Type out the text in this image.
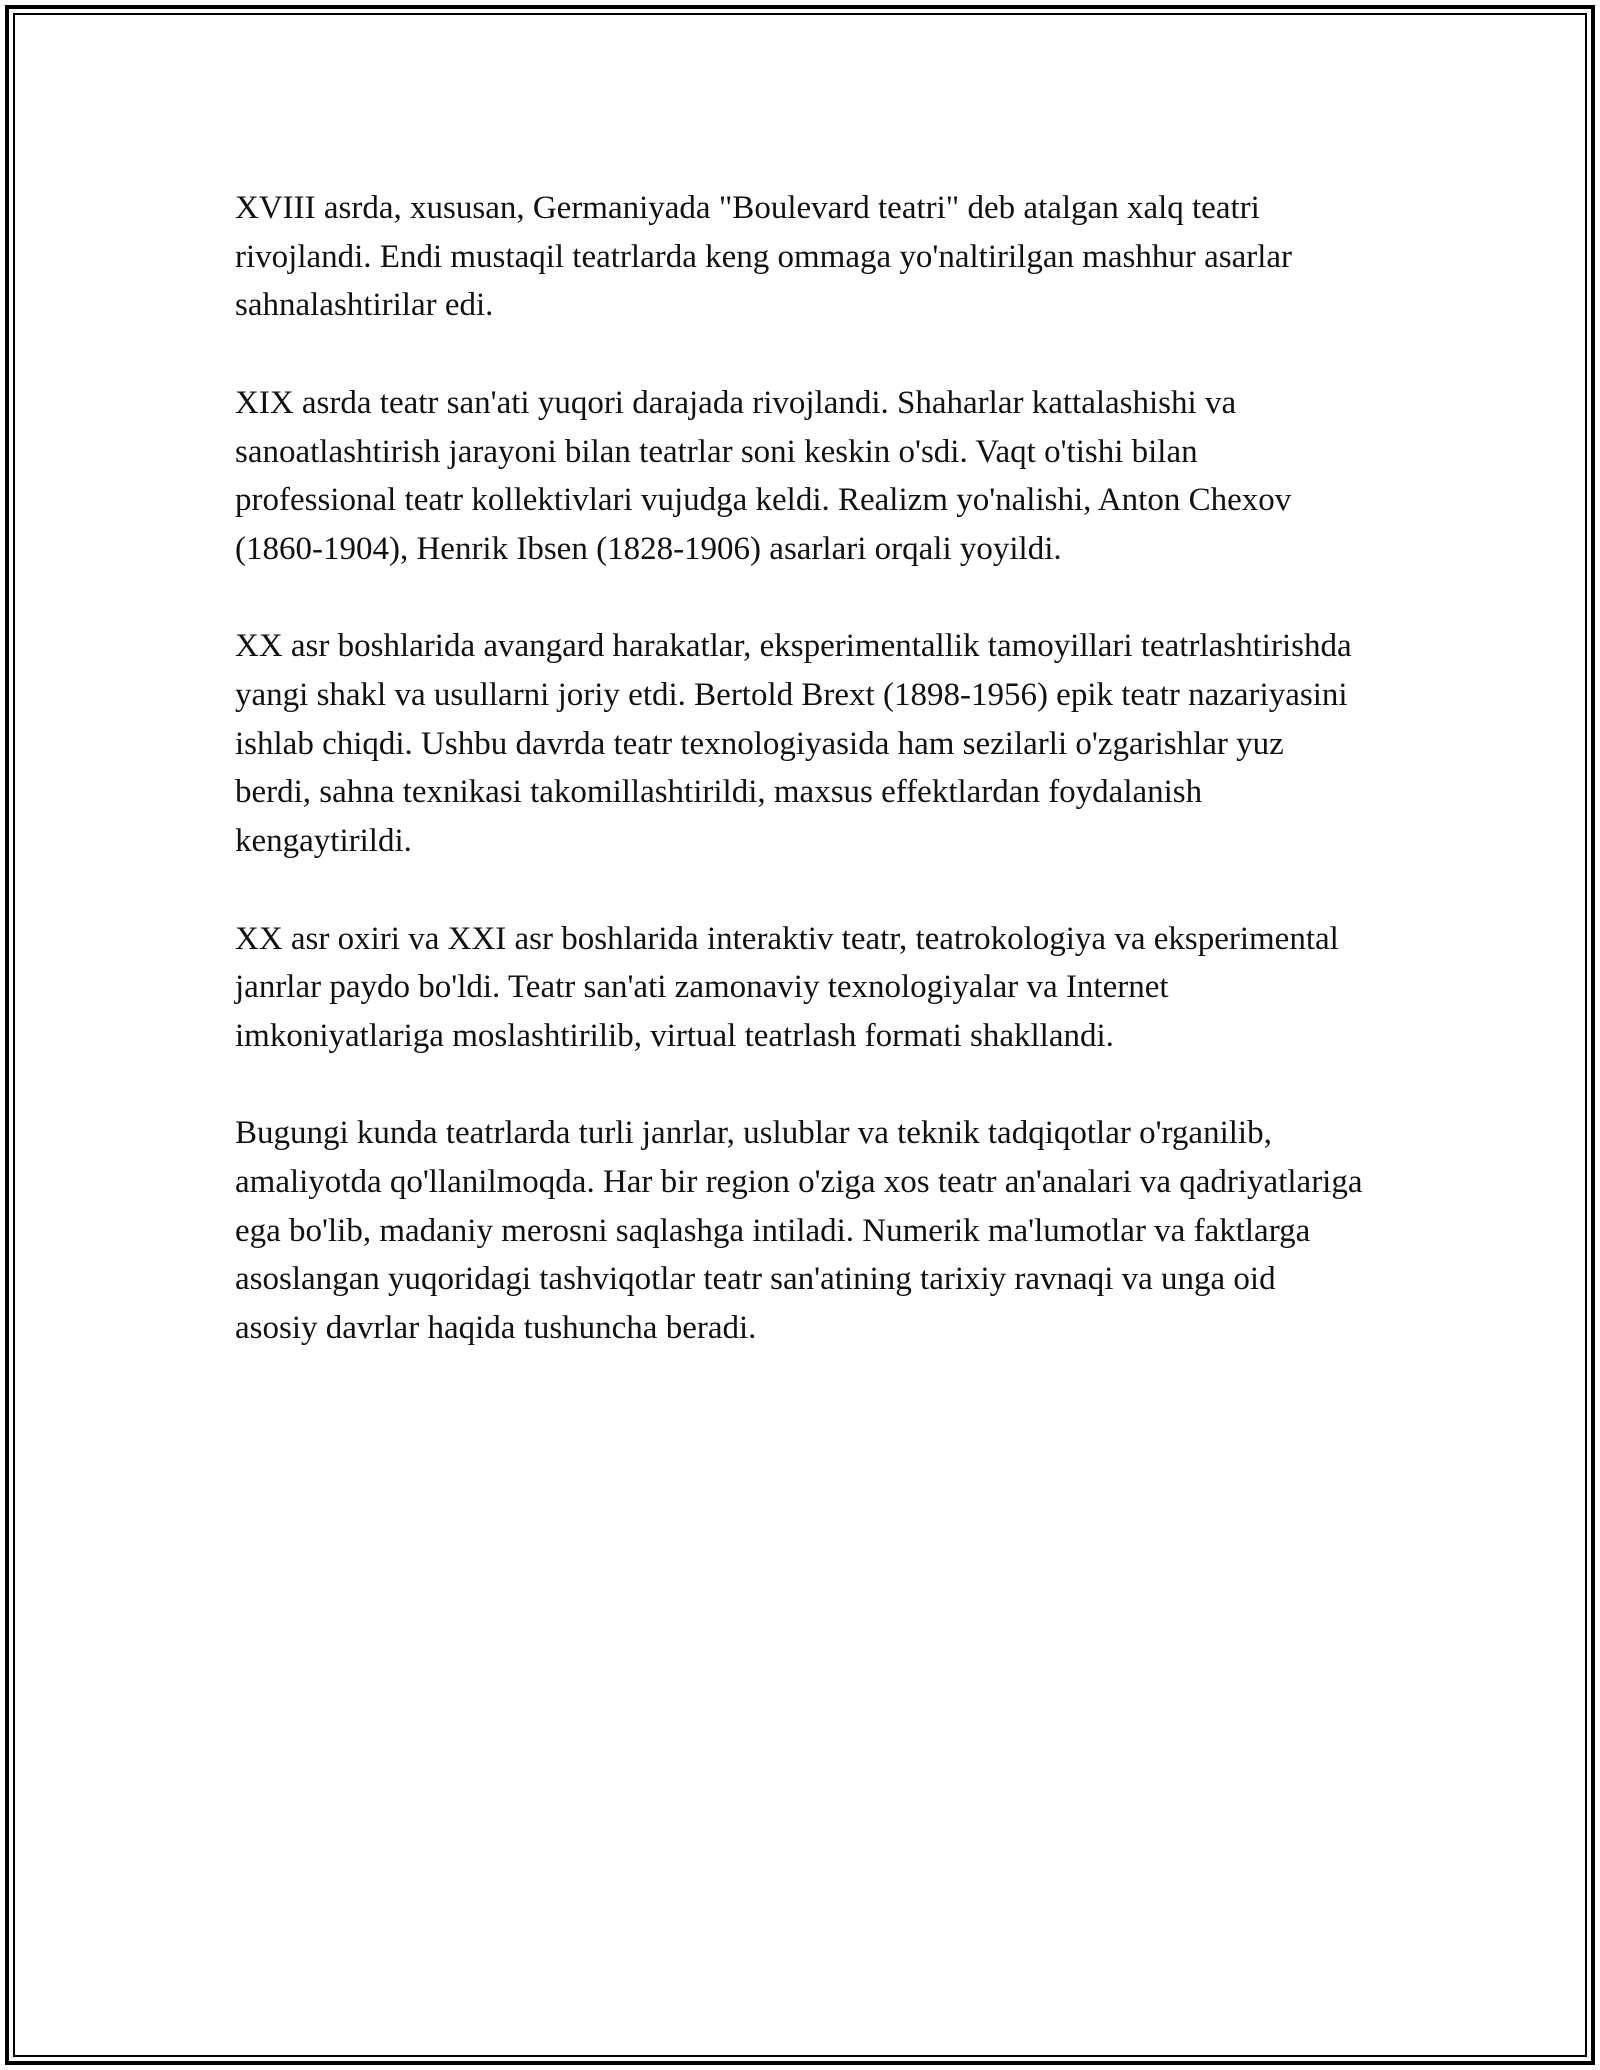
XVIII asrda, xususan, Germaniyada "Boulevard teatri" deb atalgan xalq teatri rivojlandi. Endi mustaqil teatrlarda keng ommaga yo'naltirilgan mashhur asarlar sahnalashtirilar edi.

XIX asrda teatr san'ati yuqori darajada rivojlandi. Shaharlar kattalashishi va sanoatlashtirish jarayoni bilan teatrlar soni keskin o'sdi. Vaqt o'tishi bilan professional teatr kollektivlari vujudga keldi. Realizm yo'nalishi, Anton Chexov (1860-1904), Henrik Ibsen (1828-1906) asarlari orqali yoyildi.

XX asr boshlarida avangard harakatlar, eksperimentallik tamoyillari teatrlashtirishda yangi shakl va usullarni joriy etdi. Bertold Brext (1898-1956) epik teatr nazariyasini ishlab chiqdi. Ushbu davrda teatr texnologiyasida ham sezilarli o'zgarishlar yuz berdi, sahna texnikasi takomillashtirildi, maxsus effektlardan foydalanish kengaytirildi.

XX asr oxiri va XXI asr boshlarida interaktiv teatr, teatrokologiya va eksperimental janrlar paydo bo'ldi. Teatr san'ati zamonaviy texnologiyalar va Internet imkoniyatlariga moslashtirilib, virtual teatrlash formati shakllandi.

Bugungi kunda teatrlarda turli janrlar, uslublar va teknik tadqiqotlar o'rganilib, amaliyotda qo'llanilmoqda. Har bir region o'ziga xos teatr an'analari va qadriyatlariga ega bo'lib, madaniy merosni saqlashga intiladi. Numerik ma'lumotlar va faktlarga asoslangan yuqoridagi tashviqotlar teatr san'atining tarixiy ravnaqi va unga oid asosiy davrlar haqida tushuncha beradi.
